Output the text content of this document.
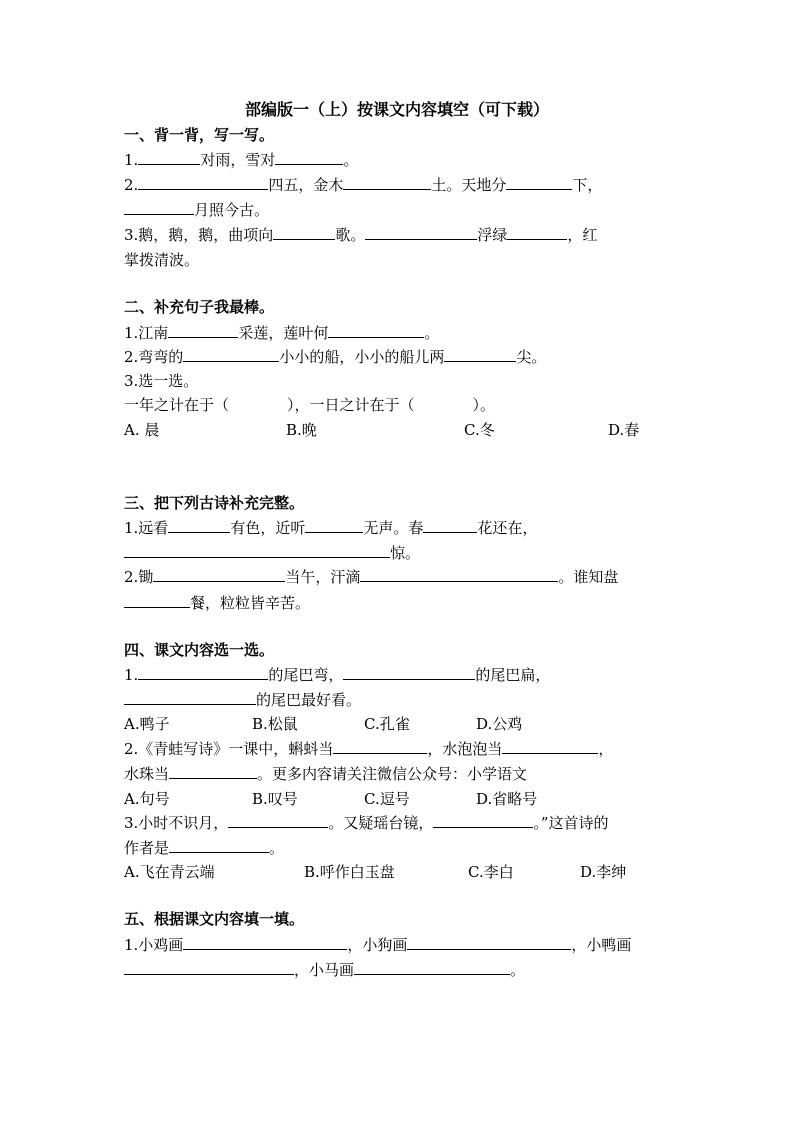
部编版一（上）按课文内容填空（可下载）
一、背一背，写一写。
1.	对雨，雪对	。
2.	四五，金木	土。天地分	下，
月照今古。
3.鹅，鹅，鹅，曲项向	歌。	浮绿	，红
掌拨清波。
二、补充句子我最棒。
1.江南	采莲，莲叶何	。
2.弯弯的	小小的船，小小的船儿两	尖。
3.选一选。
一年之计在于（	），一日之计在于（	）。
A. 晨	B.晚	C.冬	D.春
三、把下列古诗补充完整。
1.远看	有色，近听	无声。春	花还在，
惊。
2.锄	当午，汗滴	。谁知盘
餐，粒粒皆辛苦。
四、课文内容选一选。
1.	的尾巴弯，	的尾巴扁，
的尾巴最好看。
A.鸭子	B.松鼠	C.孔雀	D.公鸡
2.《青蛙写诗》一课中，蝌蚪当	，水泡泡当	，
水珠当	。更多内容请关注微信公众号：小学语文
A.句号	B.叹号	C.逗号	D.省略号
3.小时不识月，	。又疑瑶台镜，	。”这首诗的
作者是	。
A.飞在青云端	B.呼作白玉盘	C.李白	D.李绅
五、根据课文内容填一填。
1.小鸡画	，小狗画	，小鸭画
，小马画	。
